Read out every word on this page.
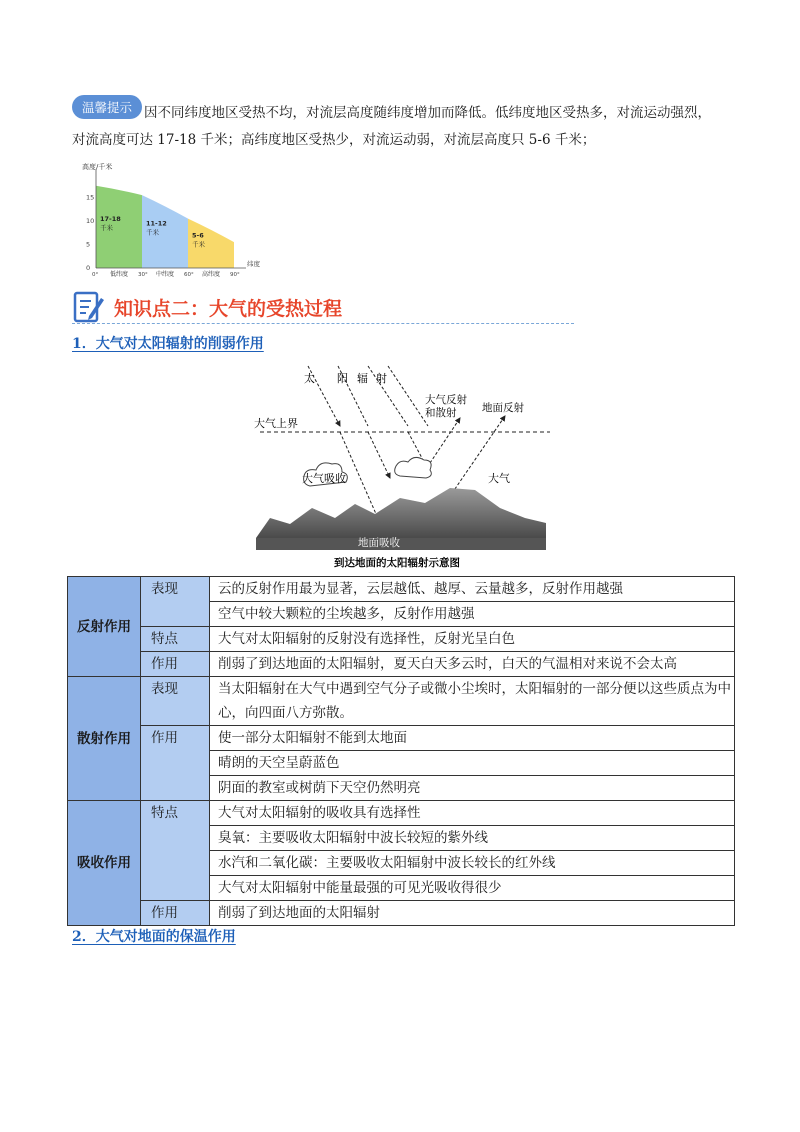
因不同纬度地区受热不均，对流层高度随纬度增加而降低。低纬度地区受热多，对流运动强烈，
对流高度可达 17-18 千米；高纬度地区受热少，对流运动弱，对流层高度只 5-6 千米；
温馨提示
高度/千米
17-18
千米
11-12
千米	5-6
千米
低纬度	中纬度	高纬度
15
10
5
0
0°	30°	60°	90°
纬度
知识点二：大气的受热过程
1．大气对太阳辐射的削弱作用
太 阳 辐 射
大气上界
大气反射
和散射 地面反射
大气吸收	大气
地面吸收
到达地面的太阳辐射示意图
反射作用	表现	云的反射作用最为显著，云层越低、越厚、云量越多，反射作用越强
		空气中较大颗粒的尘埃越多，反射作用越强
	特点	大气对太阳辐射的反射没有选择性，反射光呈白色
	作用	削弱了到达地面的太阳辐射，夏天白天多云时，白天的气温相对来说不会太高
散射作用	表现	当太阳辐射在大气中遇到空气分子或微小尘埃时，太阳辐射的一部分便以这些质点为中心，向四面八方弥散。
	作用	使一部分太阳辐射不能到太地面
		晴朗的天空呈蔚蓝色
		阴面的教室或树荫下天空仍然明亮
吸收作用	特点	大气对太阳辐射的吸收具有选择性
		臭氧：主要吸收太阳辐射中波长较短的紫外线
		水汽和二氧化碳：主要吸收太阳辐射中波长较长的红外线
		大气对太阳辐射中能量最强的可见光吸收得很少
	作用	削弱了到达地面的太阳辐射
2．大气对地面的保温作用
